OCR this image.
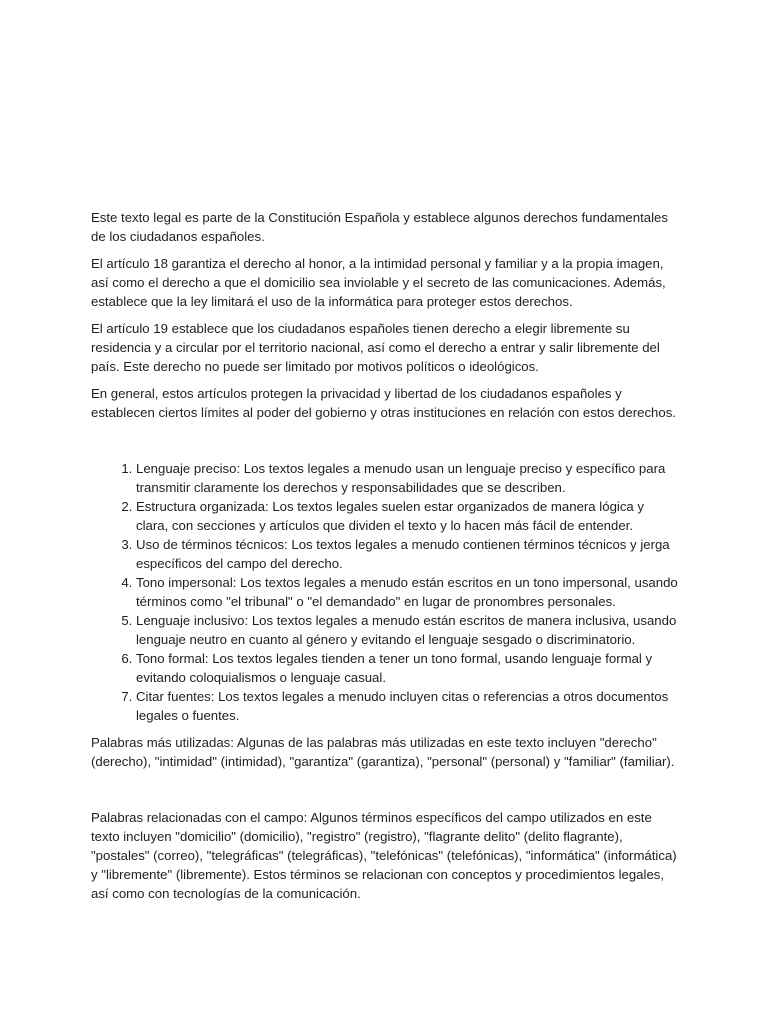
Este texto legal es parte de la Constitución Española y establece algunos derechos fundamentales de los ciudadanos españoles.

El artículo 18 garantiza el derecho al honor, a la intimidad personal y familiar y a la propia imagen, así como el derecho a que el domicilio sea inviolable y el secreto de las comunicaciones. Además, establece que la ley limitará el uso de la informática para proteger estos derechos.

El artículo 19 establece que los ciudadanos españoles tienen derecho a elegir libremente su residencia y a circular por el territorio nacional, así como el derecho a entrar y salir libremente del país. Este derecho no puede ser limitado por motivos políticos o ideológicos.

En general, estos artículos protegen la privacidad y libertad de los ciudadanos españoles y establecen ciertos límites al poder del gobierno y otras instituciones en relación con estos derechos.

1. Lenguaje preciso: Los textos legales a menudo usan un lenguaje preciso y específico para transmitir claramente los derechos y responsabilidades que se describen.
2. Estructura organizada: Los textos legales suelen estar organizados de manera lógica y clara, con secciones y artículos que dividen el texto y lo hacen más fácil de entender.
3. Uso de términos técnicos: Los textos legales a menudo contienen términos técnicos y jerga específicos del campo del derecho.
4. Tono impersonal: Los textos legales a menudo están escritos en un tono impersonal, usando términos como "el tribunal" o "el demandado" en lugar de pronombres personales.
5. Lenguaje inclusivo: Los textos legales a menudo están escritos de manera inclusiva, usando lenguaje neutro en cuanto al género y evitando el lenguaje sesgado o discriminatorio.
6. Tono formal: Los textos legales tienden a tener un tono formal, usando lenguaje formal y evitando coloquialismos o lenguaje casual.
7. Citar fuentes: Los textos legales a menudo incluyen citas o referencias a otros documentos legales o fuentes.

Palabras más utilizadas: Algunas de las palabras más utilizadas en este texto incluyen "derecho" (derecho), "intimidad" (intimidad), "garantiza" (garantiza), "personal" (personal) y "familiar" (familiar).

Palabras relacionadas con el campo: Algunos términos específicos del campo utilizados en este texto incluyen "domicilio" (domicilio), "registro" (registro), "flagrante delito" (delito flagrante), "postales" (correo), "telegráficas" (telegráficas), "telefónicas" (telefónicas), "informática" (informática) y "libremente" (libremente). Estos términos se relacionan con conceptos y procedimientos legales, así como con tecnologías de la comunicación.
